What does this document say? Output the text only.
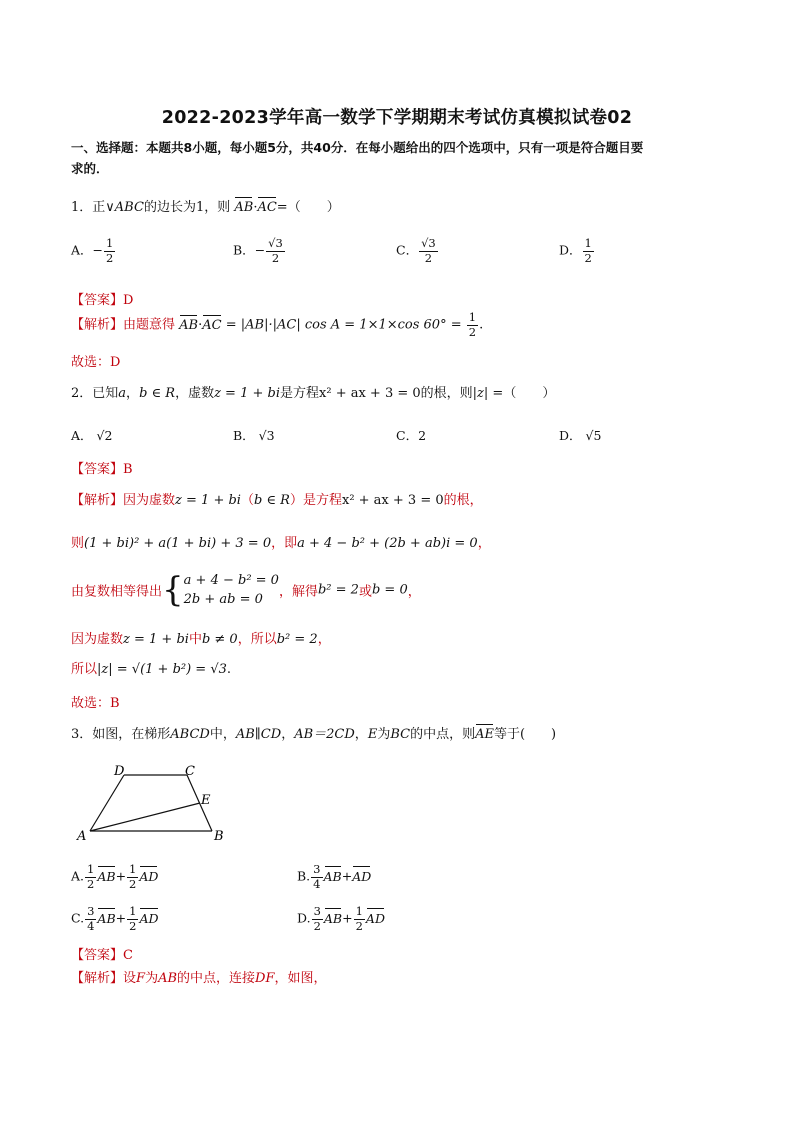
2022-2023学年高一数学下学期期末考试仿真模拟试卷02
一、选择题：本题共8小题，每小题5分，共40分．在每小题给出的四个选项中，只有一项是符合题目要
求的．
1．正∨ABC的边长为1，则 AB·AC=（　　）
A．− $\frac{1}{2}$	B．− $\frac{√3}{2}$	C． $\frac{√3}{2}$	D． $\frac{1}{2}$
【答案】D
【解析】由题意得 AB·AC = |AB|·|AC| cos A = 1×1×cos $60^\circ = \frac{1}{2}$ .
故选：D
2．已知a，b ∈ R，虚数z = 1 + bi是方程x² + ax + 3 = 0的根，则|z| =（　　）
A． √2	B． √3	C．2	D． √5
【答案】B
【解析】因为虚数z = 1 + bi（b ∈ R）是方程x² + ax + 3 = 0的根，
则(1 + bi)² + a(1 + bi) + 3 = 0，即a + 4 − b² + (2b + ab)i = 0，
由复数相等得出{ a + 4 − b² = 0
2b + ab = 0	，解得b² = 2或b = 0，
因为虚数z = 1 + bi中b ≠ 0，所以b² = 2，
所以|z| = √(1 + b²) = √3.
故选：B
3．如图，在梯形ABCD中，AB∥CD，AB＝2CD，E为BC的中点，则AE等于(　　)
D	C
E
A	B
A. $\frac{1}{2} AB+ \frac{1}{2}$ AD	B. $\frac{3}{4} AB+AD$
C. $\frac{3}{4} AB+ \frac{1}{2}$ AD	D. $\frac{3}{2} AB+ \frac{1}{2}$ AD
【答案】C
【解析】设F为AB的中点，连接DF，如图，
